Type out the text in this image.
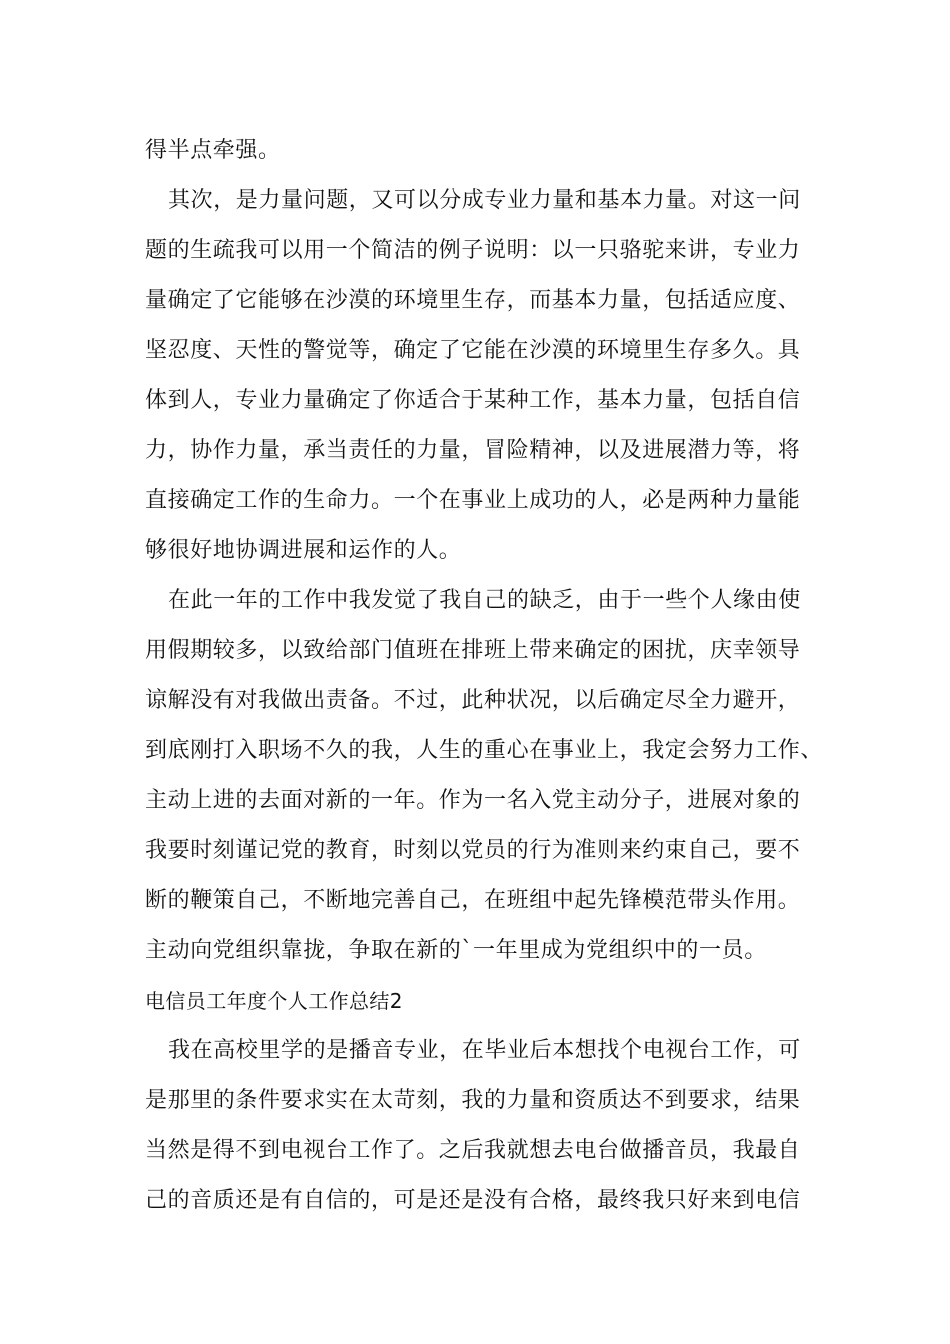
得半点牵强。
其次，是力量问题，又可以分成专业力量和基本力量。对这一问
题的生疏我可以用一个简洁的例子说明：以一只骆驼来讲，专业力
量确定了它能够在沙漠的环境里生存，而基本力量，包括适应度、
坚忍度、天性的警觉等，确定了它能在沙漠的环境里生存多久。具
体到人，专业力量确定了你适合于某种工作，基本力量，包括自信
力，协作力量，承当责任的力量，冒险精神，以及进展潜力等，将
直接确定工作的生命力。一个在事业上成功的人，必是两种力量能
够很好地协调进展和运作的人。
在此一年的工作中我发觉了我自己的缺乏，由于一些个人缘由使
用假期较多，以致给部门值班在排班上带来确定的困扰，庆幸领导
谅解没有对我做出责备。不过，此种状况，以后确定尽全力避开，
到底刚打入职场不久的我，人生的重心在事业上，我定会努力工作、
主动上进的去面对新的一年。作为一名入党主动分子，进展对象的
我要时刻谨记党的教育，时刻以党员的行为准则来约束自己，要不
断的鞭策自己，不断地完善自己，在班组中起先锋模范带头作用。
主动向党组织靠拢，争取在新的`一年里成为党组织中的一员。
电信员工年度个人工作总结2
我在高校里学的是播音专业，在毕业后本想找个电视台工作，可
是那里的条件要求实在太苛刻，我的力量和资质达不到要求，结果
当然是得不到电视台工作了。之后我就想去电台做播音员，我最自
己的音质还是有自信的，可是还是没有合格，最终我只好来到电信
